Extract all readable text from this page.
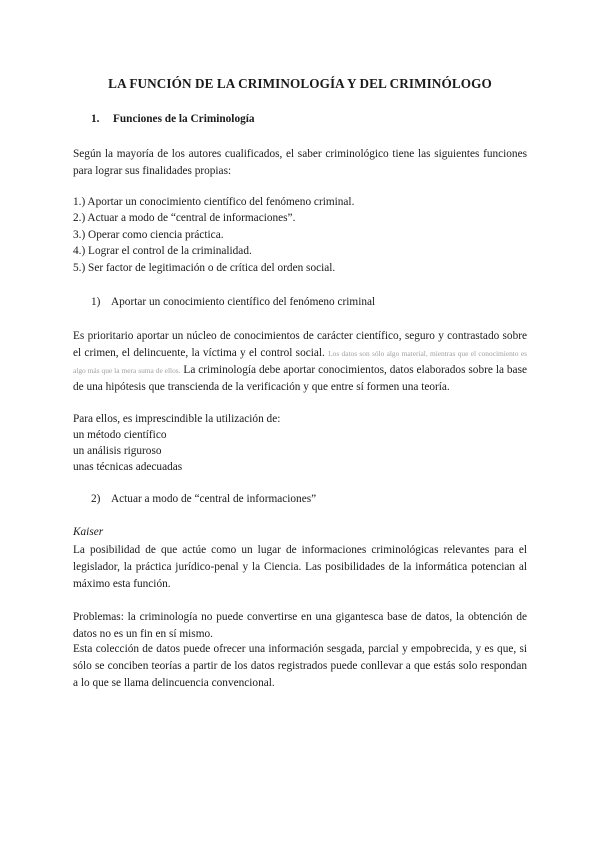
LA FUNCIÓN DE LA CRIMINOLOGÍA Y DEL CRIMINÓLOGO
1. Funciones de la Criminología
Según la mayoría de los autores cualificados, el saber criminológico tiene las siguientes funciones para lograr sus finalidades propias:
1.) Aportar un conocimiento científico del fenómeno criminal.
2.) Actuar a modo de “central de informaciones”.
3.) Operar como ciencia práctica.
4.) Lograr el control de la criminalidad.
5.) Ser factor de legitimación o de crítica del orden social.
1) Aportar un conocimiento científico del fenómeno criminal
Es prioritario aportar un núcleo de conocimientos de carácter científico, seguro y contrastado sobre el crimen, el delincuente, la víctima y el control social. Los datos son sólo algo material, mientras que el conocimiento es algo más que la mera suma de ellos. La criminología debe aportar conocimientos, datos elaborados sobre la base de una hipótesis que transcienda de la verificación y que entre sí formen una teoría.
Para ellos, es imprescindible la utilización de:
un método científico
un análisis riguroso
unas técnicas adecuadas
2) Actuar a modo de “central de informaciones”
Kaiser
La posibilidad de que actúe como un lugar de informaciones criminológicas relevantes para el legislador, la práctica jurídico-penal y la Ciencia. Las posibilidades de la informática potencian al máximo esta función.
Problemas: la criminología no puede convertirse en una gigantesca base de datos, la obtención de datos no es un fin en sí mismo.
Esta colección de datos puede ofrecer una información sesgada, parcial y empobrecida, y es que, si sólo se conciben teorías a partir de los datos registrados puede conllevar a que estás solo respondan a lo que se llama delincuencia convencional.
